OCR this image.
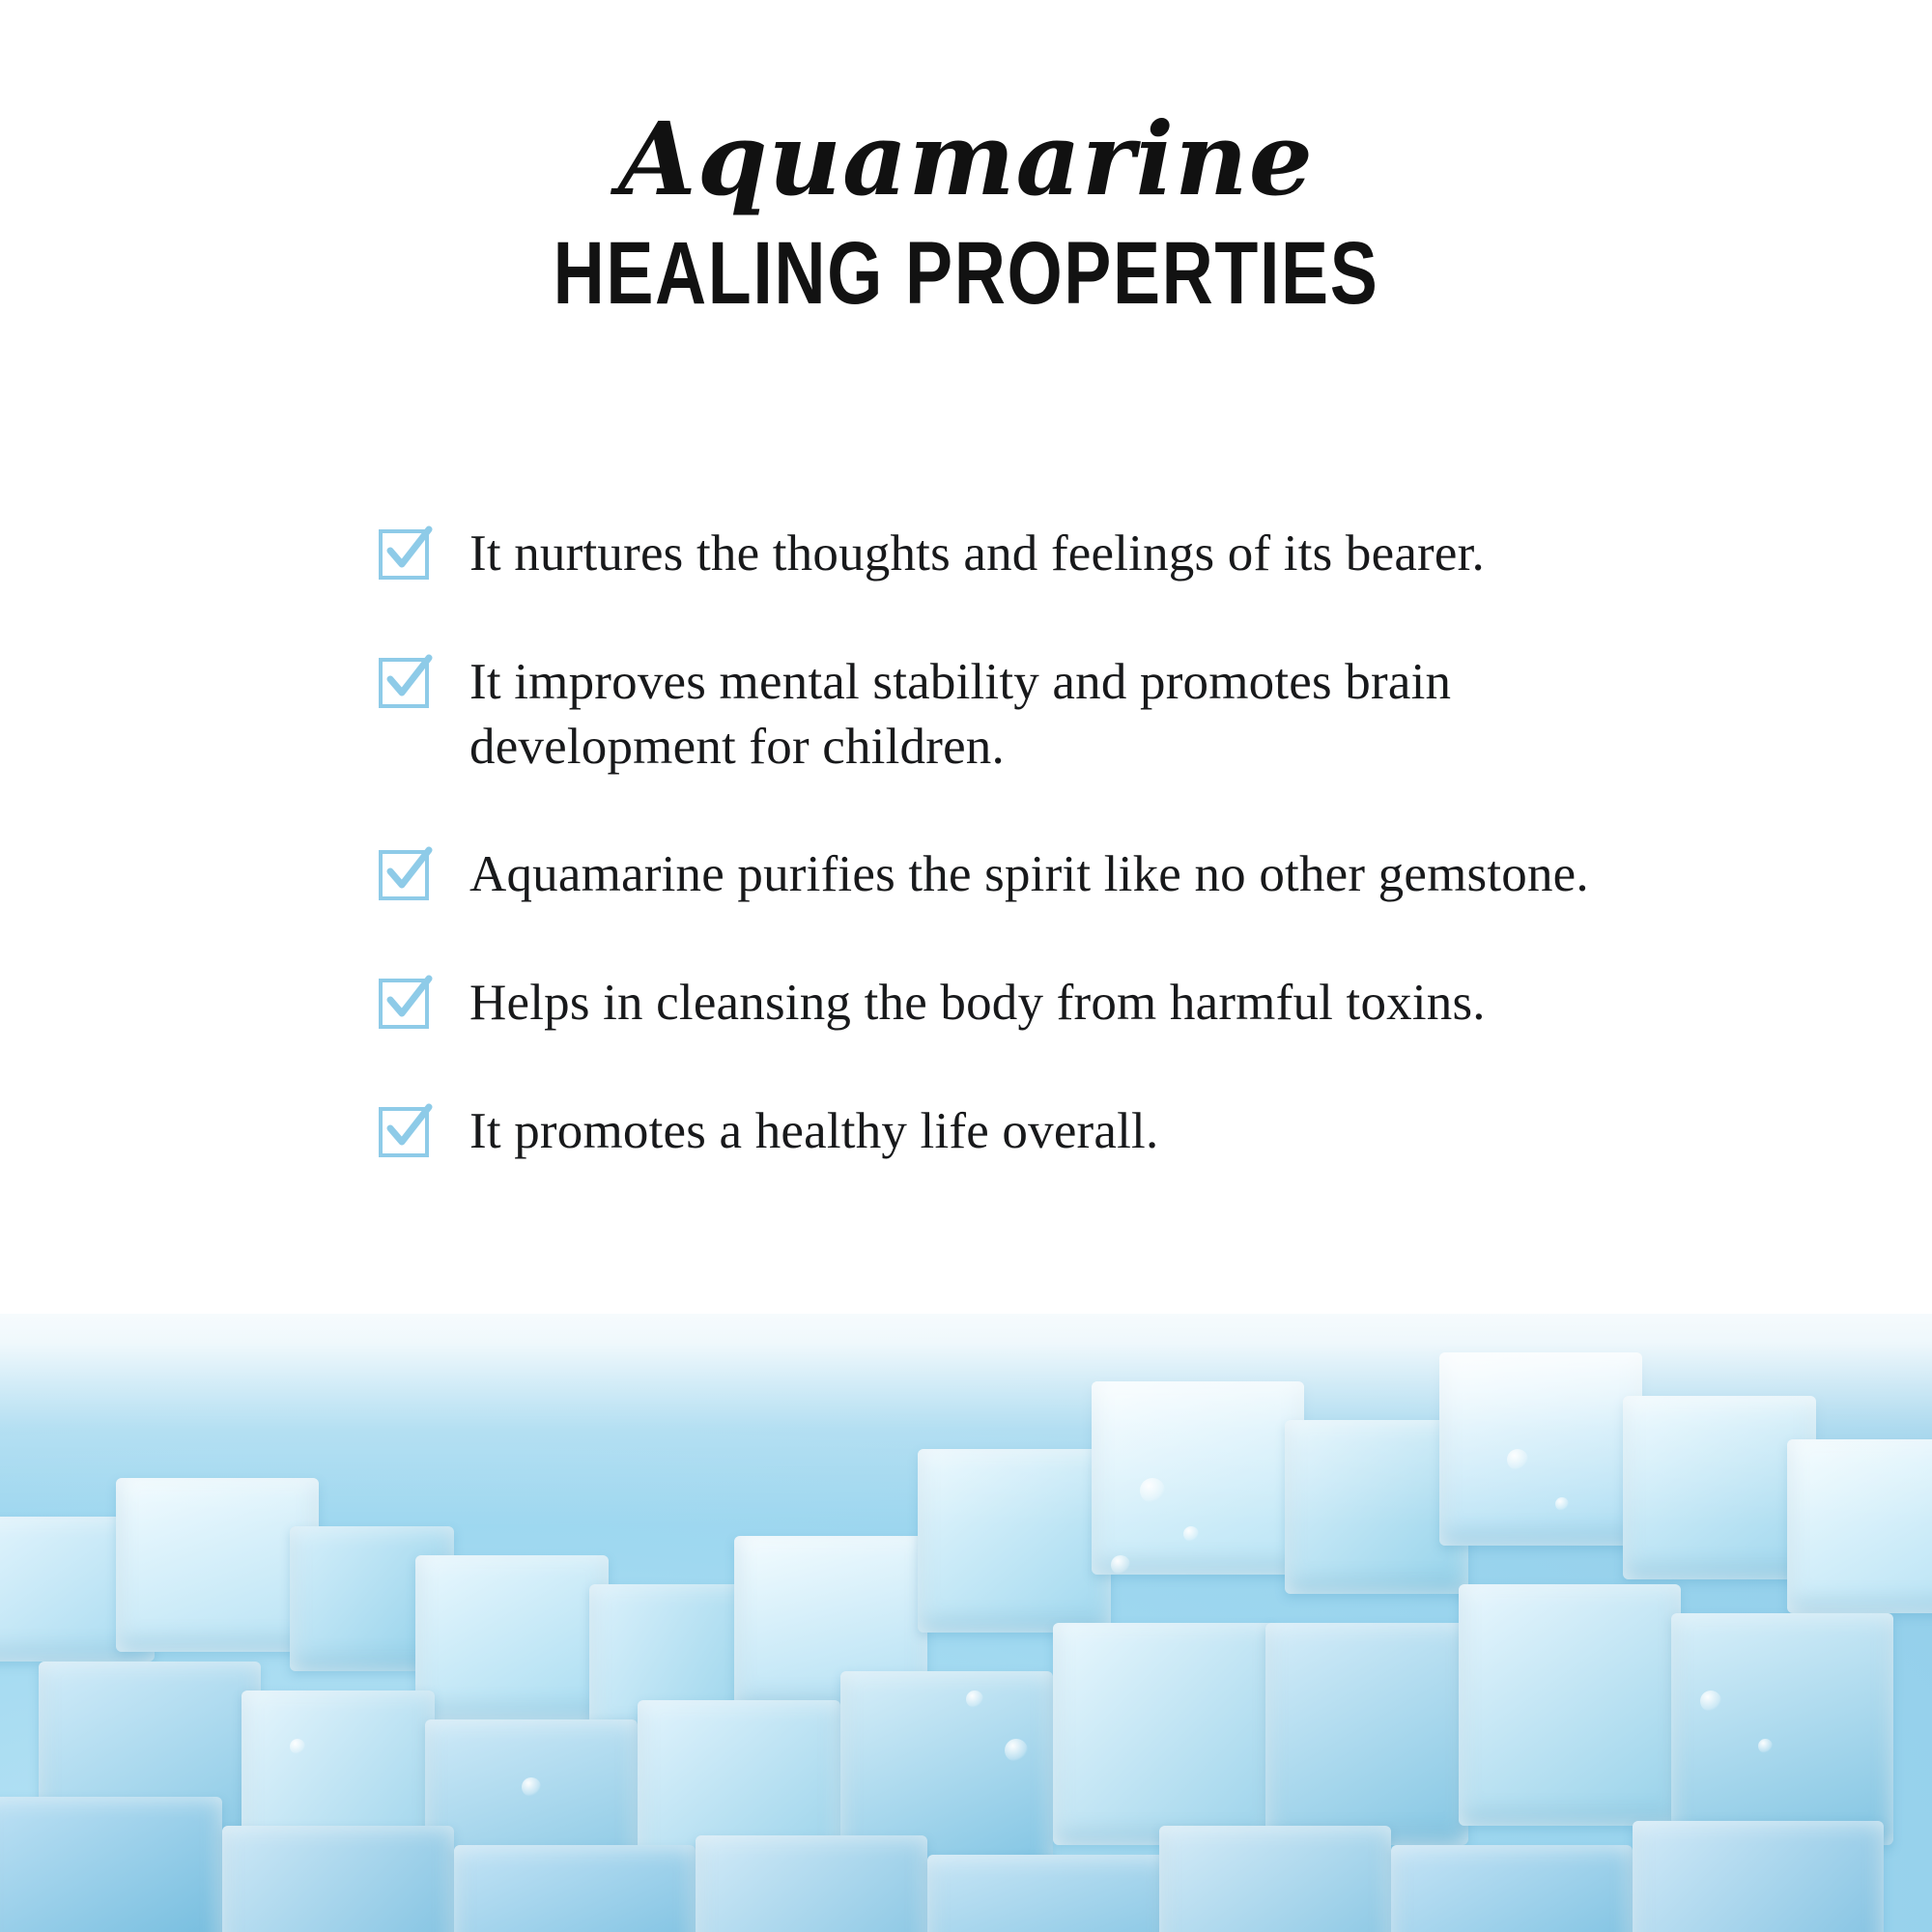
Aquamarine
HEALING PROPERTIES
It nurtures the thoughts and feelings of its bearer.
It improves mental stability and promotes brain development for children.
Aquamarine purifies the spirit like no other gemstone.
Helps in cleansing the body from harmful toxins.
It promotes a healthy life overall.
